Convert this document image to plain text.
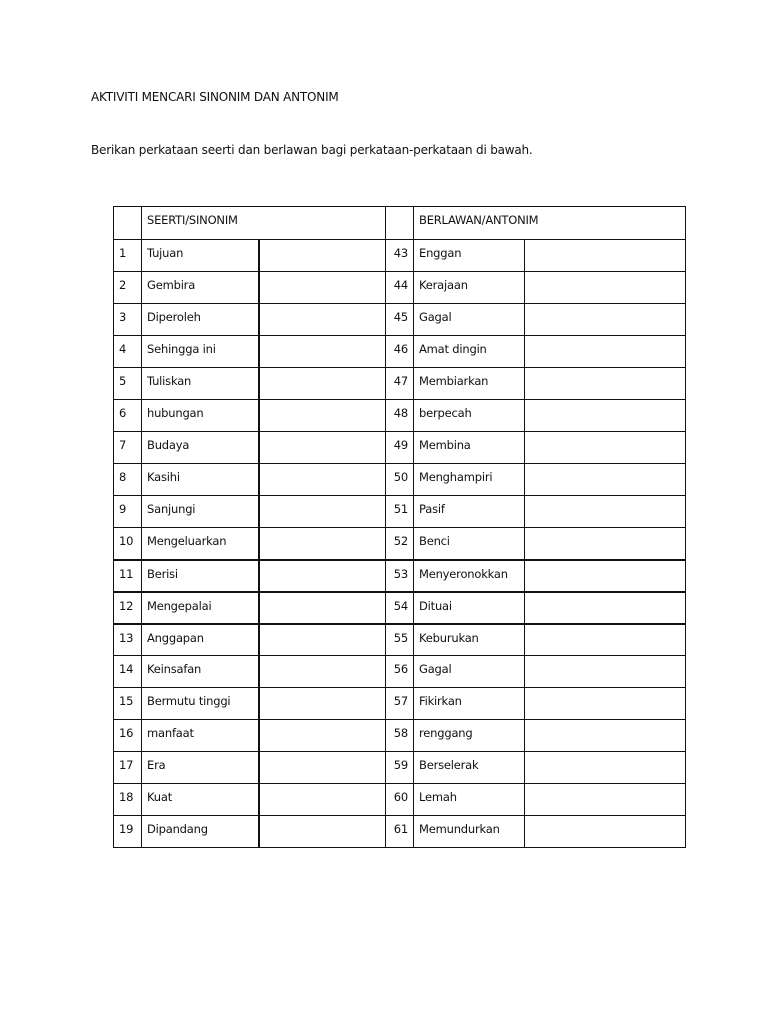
AKTIVITI MENCARI SINONIM DAN ANTONIM

Berikan perkataan seerti dan berlawan bagi perkataan-perkataan di bawah.

	SEERTI/SINONIM			BERLAWAN/ANTONIM	
1	Tujuan		43	Enggan	
2	Gembira		44	Kerajaan	
3	Diperoleh		45	Gagal	
4	Sehingga ini		46	Amat dingin	
5	Tuliskan		47	Membiarkan	
6	hubungan		48	berpecah	
7	Budaya		49	Membina	
8	Kasihi		50	Menghampiri	
9	Sanjungi		51	Pasif	
10	Mengeluarkan		52	Benci	
11	Berisi		53	Menyeronokkan	
12	Mengepalai		54	Dituai	
13	Anggapan		55	Keburukan	
14	Keinsafan		56	Gagal	
15	Bermutu tinggi		57	Fikirkan	
16	manfaat		58	renggang	
17	Era		59	Berselerak	
18	Kuat		60	Lemah	
19	Dipandang		61	Memundurkan	
